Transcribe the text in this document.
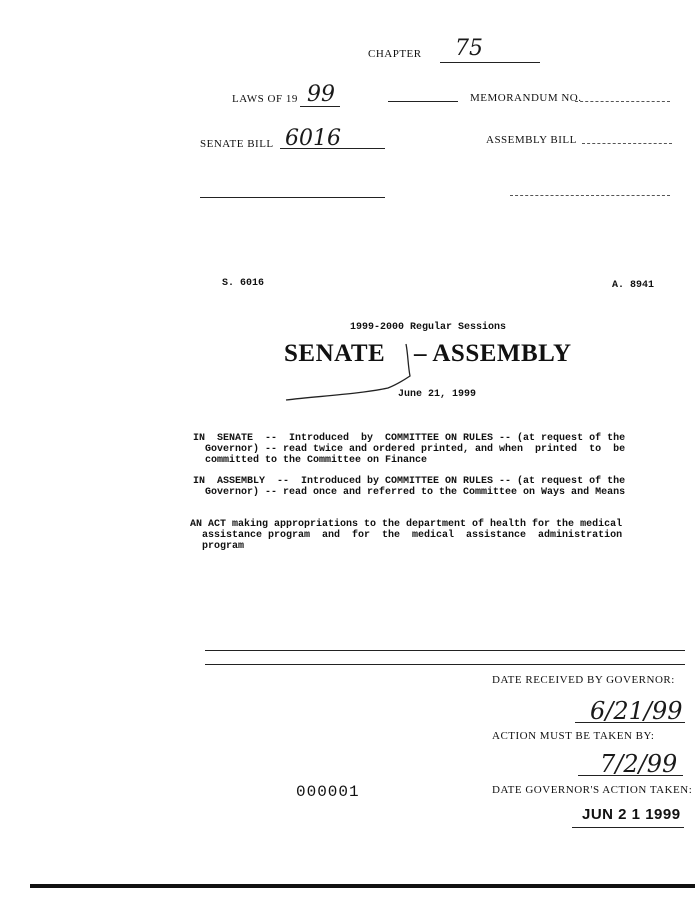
CHAPTER 75
LAWS OF 19 99	MEMORANDUM NO.
SENATE BILL 6016	ASSEMBLY BILL
S. 6016	A. 8941
1999-2000 Regular Sessions
SENATE – ASSEMBLY
June 21, 1999
IN  SENATE  --  Introduced  by  COMMITTEE ON RULES -- (at request of the
Governor) -- read twice and ordered printed, and when  printed  to  be
committed to the Committee on Finance
IN  ASSEMBLY  --  Introduced by COMMITTEE ON RULES -- (at request of the
Governor) -- read once and referred to the Committee on Ways and Means
AN ACT making appropriations to the department of health for the medical
assistance program  and  for  the  medical  assistance  administration
program
DATE RECEIVED BY GOVERNOR:
6/21/99
ACTION MUST BE TAKEN BY:
7/2/99
000001	DATE GOVERNOR'S ACTION TAKEN:
JUN 2 1 1999
